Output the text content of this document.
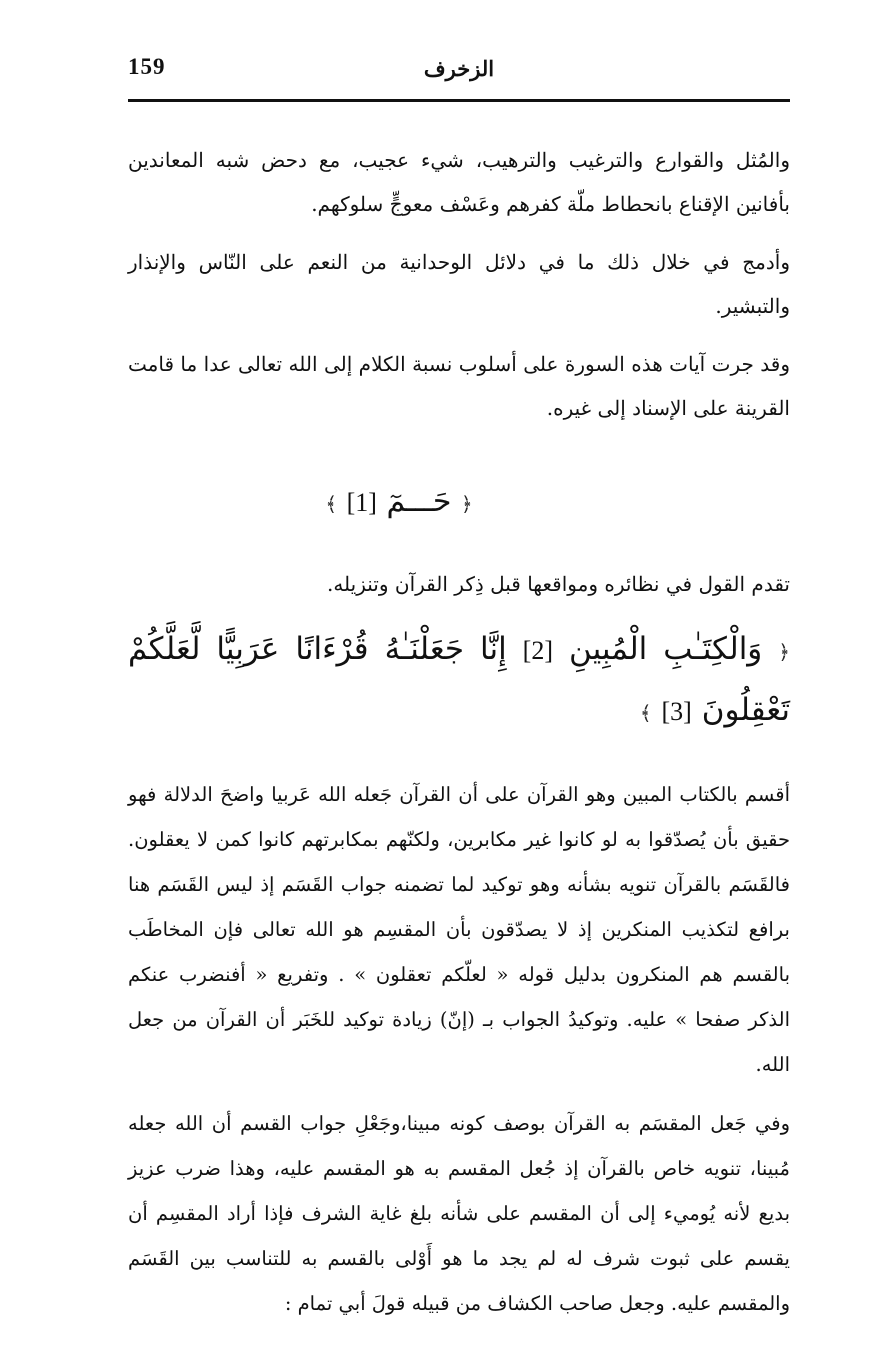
159	الزخرف

والمُثل والقوارع والترغيب والترهيب، شيء عجيب، مع دحض شبه المعاندين بأفانين الإقناع بانحطاط ملّة كفرهم وعَسْف معوجٍّ سلوكهم.

وأدمج في خلال ذلك ما في دلائل الوحدانية من النعم على النّاس والإنذار والتبشير.

وقد جرت آيات هذه السورة على أسلوب نسبة الكلام إلى الله تعالى عدا ما قامت القرينة على الإسناد إلى غيره.

﴿ حَـــمٓ [1] ﴾

تقدم القول في نظائره ومواقعها قبل ذِكر القرآن وتنزيله.

﴿ وَالْكِتَـٰبِ الْمُبِينِ [2] إِنَّا جَعَلْنَـٰهُ قُرْءَانًا عَرَبِيًّا لَّعَلَّكُمْ تَعْقِلُونَ [3] ﴾

أقسم بالكتاب المبين وهو القرآن على أن القرآن جَعله الله عَربيا واضحَ الدلالة فهو حقيق بأن يُصدّقوا به لو كانوا غير مكابرين، ولكنّهم بمكابرتهم كانوا كمن لا يعقلون. فالقَسَم بالقرآن تنويه بشأنه وهو توكيد لما تضمنه جواب القَسَم إذ ليس القَسَم هنا برافع لتكذيب المنكرين إذ لا يصدّقون بأن المقسِم هو الله تعالى فإن المخاطَب بالقسم هم المنكرون بدليل قوله « لعلّكم تعقلون » . وتفريع « أفنضرب عنكم الذكر صفحا » عليه. وتوكيدُ الجواب بـ (إنّ) زيادة توكيد للخَبَر أن القرآن من جعل الله.

وفي جَعل المقسَم به القرآن بوصف كونه مبينا،وجَعْلِ جواب القسم أن الله جعله مُبينا، تنويه خاص بالقرآن إذ جُعل المقسم به هو المقسم عليه، وهذا ضرب عزيز بديع لأنه يُوميء إلى أن المقسم على شأنه بلغ غاية الشرف فإذا أراد المقسِم أن يقسم على ثبوت شرف له لم يجد ما هو أَوْلى بالقسم به للتناسب بين القَسَم والمقسم عليه. وجعل صاحب الكشاف من قبيله قولَ أبي تمام :
